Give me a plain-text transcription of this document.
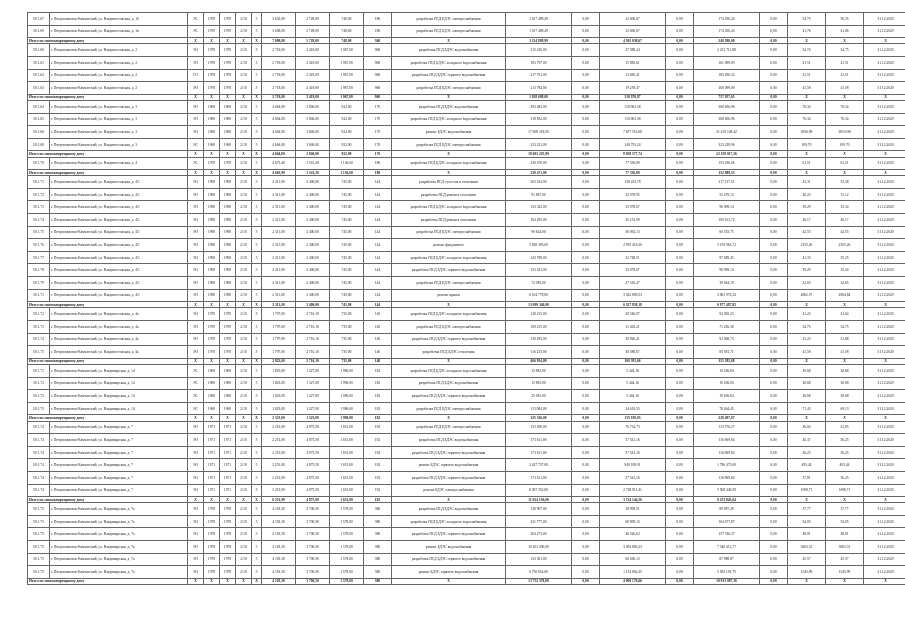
50.1.67	г. Петропавловск-Камчатский, ул. Владивостокская, д. 1б	ЭС	1970	1970	2/10	5	3 632,00	2 728,00	748,00	180	разработка ПСД БДЭС электроснабжения	1 617 489,29	0,00	12 600,67	0,00	174 450,24	0,00	54,75	50,35	31.12.2020
50.1.69	г. Петропавловск-Камчатский, ул. Владивостокская, д. 1в	ЭС	1970	1970	2/10	5	3 638,00	2 728,00	748,00	180	разработка ПСД БДЭС электроснабжения	1 617 489,29	0,00	12 600,67	0,00	174 450,24	0,00	41,76	41,06	31.12.2020
Итого по многоквартирному дому		Х	Х	Х	Х	Х	7 008,00	5 728,00	748,00	360	Х	3 234 889,99	0,00	4 505 038,67	0,00	240 580,00	0,00	Х	Х	Х
50.1.60	г. Петропавловск-Камчатский, ул. Владивостокская, д. 2	ЭО	1978	1978	2/10	5	2 718,00	2 418,00	1 967,00	960	разработка ПСД БДЭС водоснабжения	313 416,00	0,00	27 388,24	0,00	2 251 711,88	0,00	34,74	34,75	31.12.2020
50.1.61	г. Петропавловск-Камчатский, ул. Владивостокская, д. 2	ЭО	1978	1978	2/10	5	2 718,00	2 418,00	1 967,00	960	разработка ПСД БДЭС холодного водоснабжения	183 797,00	0,00	15 885,61	0,00	161 899,09	0,00	41,51	41,51	31.12.2020
50.1.62	г. Петропавловск-Камчатский, ул. Владивостокская, д. 2	ГО	1978	1978	2/10	5	2 718,00	2 418,00	1 967,00	960	разработка ПСД БДЭС горячего водоснабжения	217 761,00	0,00	13 685,41	0,00	183 450,32	0,00	41,51	41,51	31.12.2020
50.1.63	г. Петропавловск-Камчатский, ул. Владивостокская, д. 2	ЭО	1978	1978	2/10	5	2 718,00	2 418,00	1 967,00	960	разработка ПСД БДЭС электроснабжения	213 784,00	0,00	19 239,47	0,00	160 099,09	0,00	41,58	41,58	31.12.2020
Итого по многоквартирному дому		Х	Х	Х	Х	Х	2 718,00	2 418,00	1 967,00	960	Х	1 028 698,00	0,00	310 970,87	0,00	757 957,63	0,00	Х	Х	Х
50.1.64	г. Петропавловск-Камчатский, ул. Владивостокская, д. 3	ЭО	1969	1969	2/10	5	4 664,00	3 846,00	922,00	170	разработка ПСД БДЭС водоснабжения	493 483,00	0,00	110 063,38	0,00	368 656,96	0,00	76,34	76,34	31.12.2020
50.1.65	г. Петропавловск-Камчатский, ул. Владивостокская, д. 3	ЭО	1969	1969	2/10	5	4 664,00	3 846,00	922,00	170	разработка ПСД БДЭС холодного водоснабжения	318 832,00	0,00	110 063,38	0,00	368 656,96	0,00	76,34	76,34	31.12.2020
50.1.66	г. Петропавловск-Камчатский, ул. Владивостокская, д. 3	ЭО	1969	1969	2/10	5	4 664,00	3 846,00	922,00	170	ремонт БДЭС водоснабжения	17 608 318,00	0,00	7 657 516,08	0,00	21 419 148,42	0,00	3836,98	383 6,98	31.12.2020
50.1.68	г. Петропавловск-Камчатский, ул. Владивостокская, д. 3	ЭС	1969	1969	2/10	5	4 664,00	3 846,00	922,00	170	разработка ПСД БДЭС электроснабжения	323 221,00	0,00	140 791,24	0,00	323 228,96	0,00	109,70	109,70	31.12.2020
Итого по многоквартирному дому		Х	Х	Х	Х	Х	4 664,00	3 846,00	922,00	170	Х	18 603 225,99	0,00	8 958 577,74	0,00	22 259 017,26	0,00	Х	Х	Х
50.1.70	г. Петропавловск-Камчатский, ул. Владивостокская, д. 4	ЭС	1970	1970	2/10	5	4 673,40	3 541,20	1 136,60	180	разработка ПСД БДЭС холодного водоснабжения	230 470,00	0,00	77 336,89	0,00	153 436,66	0,00	61,51	61,51	31.12.2020
Итого по многоквартирному дому		Х	Х	Х	Х	Х	4 663,90	3 541,20	1 136,60	180	Х	230 471,00	0,00	77 336,89	0,00	152 889,55	0,00	Х	Х	Х
50.1.71	г. Петропавловск-Камчатский, ул. Владивостокская, д. 4/1	ЭО	1990	1990	2/10	5	2 311,00	2 400,00	745,00	144	разработка ПСД сухостоя и отопления	303 614,00	0,00	138 223,78	0,00	217 137,51	0,00	43,31	35,38	31.12.2020
50.1.72	г. Петропавловск-Камчатский, ул. Владивостокская, д. 4/1	ЭО	1990	1990	2/10	5	2 311,00	2 400,00	745,00	144	разработка ПСД ремонта отопления	91 867,00	0,00	32 078,95	0,00	55 478,13	0,00	20,23	15,12	31.12.2020
50.1.73	г. Петропавловск-Камчатский, ул. Владивостокская, д. 4/1	ЭО	1990	1990	2/10	5	2 311,00	2 400,00	745,00	144	разработка ПСД БДЭС холодного водоснабжения	133 323,00	0,00	33 078,67	0,00	96 909,14	0,00	39,29	35,34	31.12.2020
50.1.74	г. Петропавловск-Камчатский, ул. Владивостокская, д. 4/1	ЭО	1990	1990	2/10	5	2 311,00	2 400,00	745,00	144	разработка ПСД ремонта отопления	164 295,00	0,00	45 153,09	0,00	100 161,72	0,00	46,17	46,17	31.12.2020
50.1.75	г. Петропавловск-Камчатский, ул. Владивостокская, д. 4/1	ЭО	1990	1990	2/10	5	2 311,00	2 400,00	745,00	144	разработка ПСД БДЭС электроснабжения	96 624,00	0,00	36 092,13	0,00	60 535,75	0,00	42,55	42,55	31.12.2020
50.1.76	г. Петропавловск-Камчатский, ул. Владивостокская, д. 4/1	ЭО	1990	1990	2/10	5	2 311,00	2 400,00	745,00	144	ремонт фундамента	5 838 383,00	0,00	2 955 418,36	0,00	3 159 963,72	0,00	2355,26	2355,26	31.12.2020
50.1.77	г. Петропавловск-Камчатский, ул. Владивостокская, д. 4/1	ЭО	1990	1990	2/10	5	2 311,00	2 400,00	745,00	144	разработка ПСД БДЭС холодного водоснабжения	143 789,00	0,00	32 748,51	0,00	97 489,45	0,00	41,33	35,25	31.12.2020
50.1.78	г. Петропавловск-Камчатский, ул. Владивостокская, д. 4/1	ЭО	1990	1990	2/10	5	2 311,00	2 400,00	745,00	144	разработка ПСД БДЭС горячего водоснабжения	153 323,00	0,00	33 078,67	0,00	96 909,14	0,00	39,29	35,34	31.12.2020
50.1.79	г. Петропавловск-Камчатский, ул. Владивостокская, д. 4/1	ЭО	1990	1990	2/10	5	2 311,00	2 400,00	745,00	144	разработка ПСД БДЭС электроснабжения	72 083,00	0,00	27 316,47	0,00	39 944,19	0,00	32,65	32,65	31.12.2020
50.1.71	г. Петропавловск-Камчатский, ул. Владивостокская, д. 4/1	ЭО	1990	1990	2/10	5	2 311,00	2 400,00	745,00	144	ремонт крыши	6 104 778,00	0,00	3 022 800,53	0,00	3 081 974,34	0,00	4862,57	4964,84	31.12.2020
Итого по многоквартирному дому		Х	Х	Х	Х	Х	2 311,00	2 400,00	745,00	144	Х	13 099 340,00	0,00	6 327 858,18	0,00	6 977 487,82	0,00	Х	Х	Х
50.1.72	г. Петропавловск-Камчатский, ул. Владивостокская, д. 4а	ЭО	1970	1970	2/10	5	1 797,00	2 716,10	735,00	140	разработка ПСД БДЭС холодного водоснабжения	120 213,00	0,00	29 546,97	0,00	92 065,23	0,00	41,23	41,64	31.12.2020
50.1.73	г. Петропавловск-Камчатский, ул. Владивостокская, д. 4а	ЭО	1970	1970	2/10	5	1 797,00	2 716,10	735,00	140	разработка ПСД БДЭС электроснабжения	100 215,00	0,00	31 463,21	0,00	71 256,30	0,00	34,75	34,75	31.12.2020
50.1.74	г. Петропавловск-Камчатский, ул. Владивостокская, д. 4а	ЭО	1970	1970	2/10	5	1 797,00	2 716,10	735,00	140	разработка ПСД БДЭС горячего водоснабжения	130 293,00	0,00	30 826,21	0,00	92 068,73	0,00	41,23	41,88	31.12.2020
50.1.75	г. Петропавловск-Камчатский, ул. Владивостокская, д. 4а	ЭО	1970	1970	2/10	5	1 797,00	2 716,10	735,00	140	разработка ПСД БДЭС отопления	116 233,00	0,00	30 580,67	0,00	85 581,71	0,00	41,58	41,58	31.12.2020
Итого по многоквартирному дому		Х	Х	Х	Х	Х	2 822,60	2 716,10	735,00	140	Х	466 954,00	0,00	160 391,66	0,00	355 582,68	0,00	Х	Х	Х
50.1.71	г. Петропавловск-Камчатский, ул. Владимирская, д. 14	ЭС	1969	1969	2/10	5	1 823,00	1 327,00	1 996,00	182	разработка ПСД БДЭС холодного водоснабжения	15 881,00	0,00	5 444,16	0,00	10 436,84	0,00	30,68	30,68	31.12.2020
50.1.72	г. Петропавловск-Камчатский, ул. Владимирская, д. 14	ЭС	1969	1969	2/10	5	1 823,00	1 327,00	1 996,00	182	разработка ПСД БДЭС водоснабжения	15 881,00	0,00	5 444,16	0,00	10 436,84	0,00	30,68	30,68	31.12.2020
50.1.73	г. Петропавловск-Камчатский, ул. Владимирская, д. 14	ЭС	1969	1969	2/10	5	1 823,00	1 327,00	1 996,00	182	разработка ПСД БДЭС горячего водоснабжения	25 081,00	0,00	5 444,16	0,00	19 636,84	0,00	30,68	30,68	31.12.2020
50.1.73	г. Петропавловск-Камчатский, ул. Владимирская, д. 14	ЭС	1969	1969	2/10	5	1 823,00	1 327,00	1 996,00	182	разработка ПСД БДЭС электроснабжения	113 084,00	0,00	34 619,55	0,00	78 464,45	0,00	71,43	69,13	31.12.2020
Итого по многоквартирному дому		Х	Х	Х	Х	Х	2 323,00	1 523,00	1 996,00	182	Х	325 326,00	0,00	135 918,03	0,00	228 497,07	0,00	Х	Х	Х
50.1.74	г. Петропавловск-Камчатский, ул. Владимирская, д. 7	ЭО	1971	1971	2/10	5	2 251,00	4 875,50	1 651,00	192	разработка ПСД БДЭС электроснабжения	153 290,00	0,00	76 732,73	0,00	113 576,27	0,00	36,04	41,05	31.12.2020
50.1.74	г. Петропавловск-Камчатский, ул. Владимирская, д. 7	ЭО	1971	1971	2/10	5	2 251,00	4 875,50	1 651,00	192	разработка ПСД БДЭС водоснабжения	173 611,00	0,00	57 541,16	0,00	116 069,84	0,00	40,37	36,25	31.12.2020
50.1.74	г. Петропавловск-Камчатский, ул. Владимирская, д. 7	ЭО	1971	1971	2/10	5	2 251,00	4 875,50	1 651,00	192	разработка ПСД БДЭС горячего водоснабжения	173 611,00	0,00	57 541,16	0,00	116 069,84	0,00	36,25	36,25	31.12.2020
50.1.74	г. Петропавловск-Камчатский, ул. Владимирская, д. 7	ЭО	1971	1971	2/10	5	2 251,00	4 875,50	1 651,00	192	ремонт БДЭС горячего водоснабжения	2 427 757,00	0,00	940 108,91	0,00	1 786 473,09	0,00	493,44	403,44	31.12.2020
50.1.74	г. Петропавловск-Камчатский, ул. Владимирская, д. 7	ЭО	1971	1971	2/10	5	2 251,00	4 875,50	1 651,00	192	разработка ПСД БДЭС горячего водоснабжения	173 611,00	0,00	57 541,16	0,00	116 069,84	0,00	37,81	36,25	31.12.2020
50.1.74	г. Петропавловск-Камчатский, ул. Владимирская, д. 7	ЭО	1971	1971	2/10	5	2 251,00	4 875,50	1 651,00	192	ремонт БДЭС электроснабжения	8 307 352,00	0,00	2 738 911,41	0,00	5 568 440,59	0,00	1698,71	1698,71	31.12.2020
Итого по многоквартирному дому		Х	Х	Х	Х	Х	6 251,90	4 875,90	1 651,00	192	Х	11 024 136,00	0,00	3 724 144,56	0,00	8 472 845,64	0,00	Х	Х	Х
50.1.75	г. Петропавловск-Камчатский, ул. Владимирская, д. 7а	ЭО	1978	1978	2/10	5	4 118,30	3 706,50	1 578,00	380	разработка ПСД БДЭС водоснабжения	128 907,00	0,00	38 909,51	0,00	89 997,49	0,00	37,77	37,77	31.12.2020
50.1.75	г. Петропавловск-Камчатский, ул. Владимирская, д. 7а	ЭО	1978	1978	2/10	5	4 118,30	3 706,50	1 578,00	380	разработка ПСД БДЭС холодного водоснабжения	231 777,00	0,00	68 099,13	0,00	164 677,87	0,00	54,05	54,05	31.12.2020
50.1.75	г. Петропавловск-Камчатский, ул. Владимирская, д. 7а	ЭО	1978	1978	2/10	5	4 118,30	3 706,50	1 578,00	380	разработка ПСД БДЭС горячего водоснабжения	204 273,00	0,00	46 526,63	0,00	157 746,37	0,00	48,91	48,91	31.12.2020
50.1.75	г. Петропавловск-Камчатский, ул. Владимирская, д. 7а	ЭО	1978	1978	2/10	5	4 118,30	3 706,50	1 578,00	380	ремонт БДЭС водоснабжения	10 261 296,00	0,00	3 394 883,23	0,00	7 346 412,77	0,00	3603,31	3603,31	31.12.2020
50.1.75	г. Петропавловск-Камчатский, ул. Владимирская, д. 7а	ЭО	1978	1978	2/10	5	4 118,30	3 706,50	1 578,00	380	разработка ПСД БДЭС горячего водоснабжения	133 301,00	0,00	60 260,13	0,00	87 988,87	0,00	45,57	45,57	31.12.2020
50.1.75	г. Петропавловск-Камчатский, ул. Владимирская, д. 7а	ЭО	1978	1978	2/10	5	4 118,30	3 706,50	1 578,00	380	ремонт БДЭС горячего водоснабжения	6 750 854,00	0,00	1 134 862,25	0,00	5 583 191,75	0,00	1545,99	1545,99	31.12.2020
Итого по многоквартирному дому		Х	Х	Х	Х	Х	4 118,30	3 706,50	1 578,00	380	Х	13 752 378,00	0,00	4 969 176,66	0,00	10 913 087,36	0,00	Х	Х	Х
